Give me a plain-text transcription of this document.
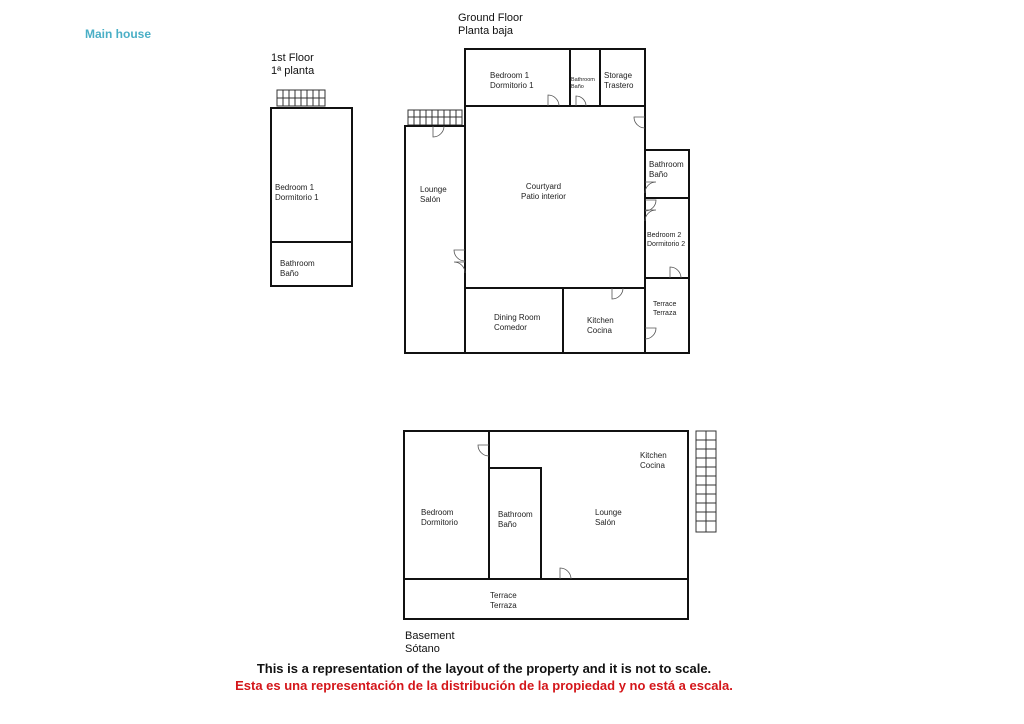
Main house
1st Floor
1ª planta
Ground Floor
Planta baja
Basement
Sótano
Bedroom 1
Dormitorio 1
Bathroom
Baño
Bedroom 1
Dormitorio 1
Bathroom
Baño
Storage
Trastero
Lounge
Salón
Courtyard
Patio interior
Bathroom
Baño
Bedroom 2
Dormitorio 2
Terrace
Terraza
Dining Room
Comedor
Kitchen
Cocina
Bedroom
Dormitorio
Bathroom
Baño
Lounge
Salón
Kitchen
Cocina
Terrace
Terraza
This is a representation of the layout of the property and it is not to scale.
Esta es una representación de la distribución de la propiedad y no está a escala.
